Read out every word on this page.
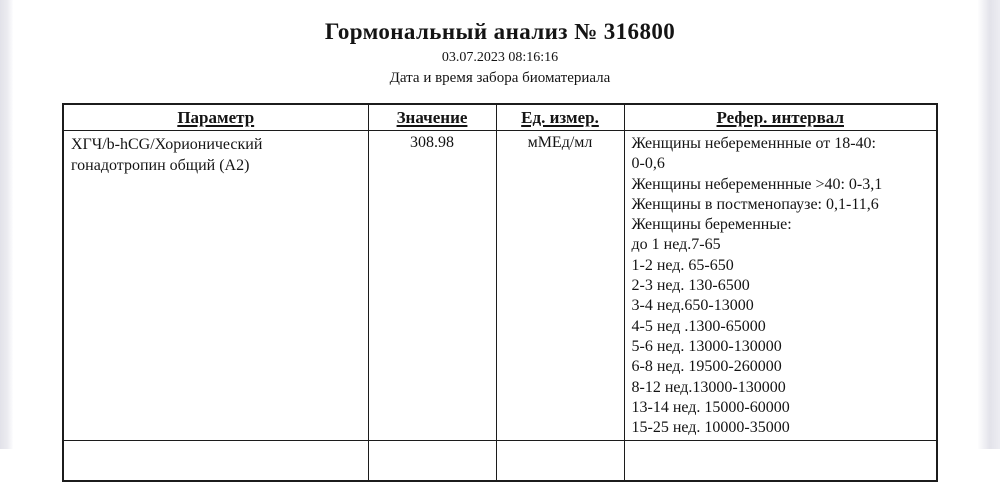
Гормональный анализ № 316800
03.07.2023 08:16:16
Дата и время забора биоматериала
Параметр	Значение	Ед. измер.	Рефер. интервал
ХГЧ/b-hCG/Хорионический гонадотропин общий (А2)	308.98	мМЕд/мл	Женщины небеременнные от 18-40:
0-0,6
Женщины небеременнные >40: 0-3,1
Женщины в постменопаузе: 0,1-11,6
Женщины беременные:
до 1 нед.7-65
1-2 нед. 65-650
2-3 нед. 130-6500
3-4 нед.650-13000
4-5 нед .1300-65000
5-6 нед. 13000-130000
6-8 нед. 19500-260000
8-12 нед.13000-130000
13-14 нед. 15000-60000
15-25 нед. 10000-35000
